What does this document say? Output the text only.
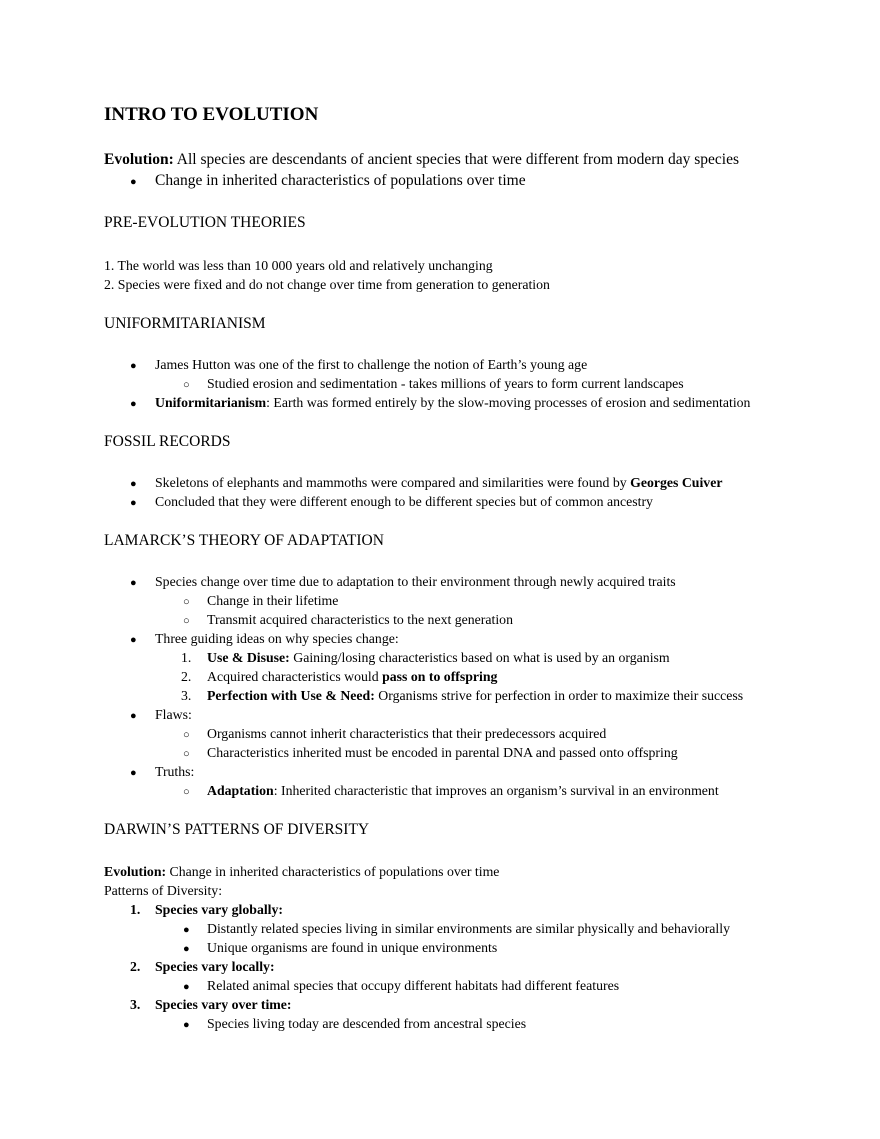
INTRO TO EVOLUTION
Evolution: All species are descendants of ancient species that were different from modern day species
● Change in inherited characteristics of populations over time
PRE-EVOLUTION THEORIES
1. The world was less than 10 000 years old and relatively unchanging
2. Species were fixed and do not change over time from generation to generation
UNIFORMITARIANISM
● James Hutton was one of the first to challenge the notion of Earth’s young age
○ Studied erosion and sedimentation - takes millions of years to form current landscapes
● Uniformitarianism: Earth was formed entirely by the slow-moving processes of erosion and sedimentation
FOSSIL RECORDS
● Skeletons of elephants and mammoths were compared and similarities were found by Georges Cuiver
● Concluded that they were different enough to be different species but of common ancestry
LAMARCK’S THEORY OF ADAPTATION
● Species change over time due to adaptation to their environment through newly acquired traits
○ Change in their lifetime
○ Transmit acquired characteristics to the next generation
● Three guiding ideas on why species change:
1. Use & Disuse: Gaining/losing characteristics based on what is used by an organism
2. Acquired characteristics would pass on to offspring
3. Perfection with Use & Need: Organisms strive for perfection in order to maximize their success
● Flaws:
○ Organisms cannot inherit characteristics that their predecessors acquired
○ Characteristics inherited must be encoded in parental DNA and passed onto offspring
● Truths:
○ Adaptation: Inherited characteristic that improves an organism’s survival in an environment
DARWIN’S PATTERNS OF DIVERSITY
Evolution: Change in inherited characteristics of populations over time
Patterns of Diversity:
1. Species vary globally:
● Distantly related species living in similar environments are similar physically and behaviorally
● Unique organisms are found in unique environments
2. Species vary locally:
● Related animal species that occupy different habitats had different features
3. Species vary over time:
● Species living today are descended from ancestral species
